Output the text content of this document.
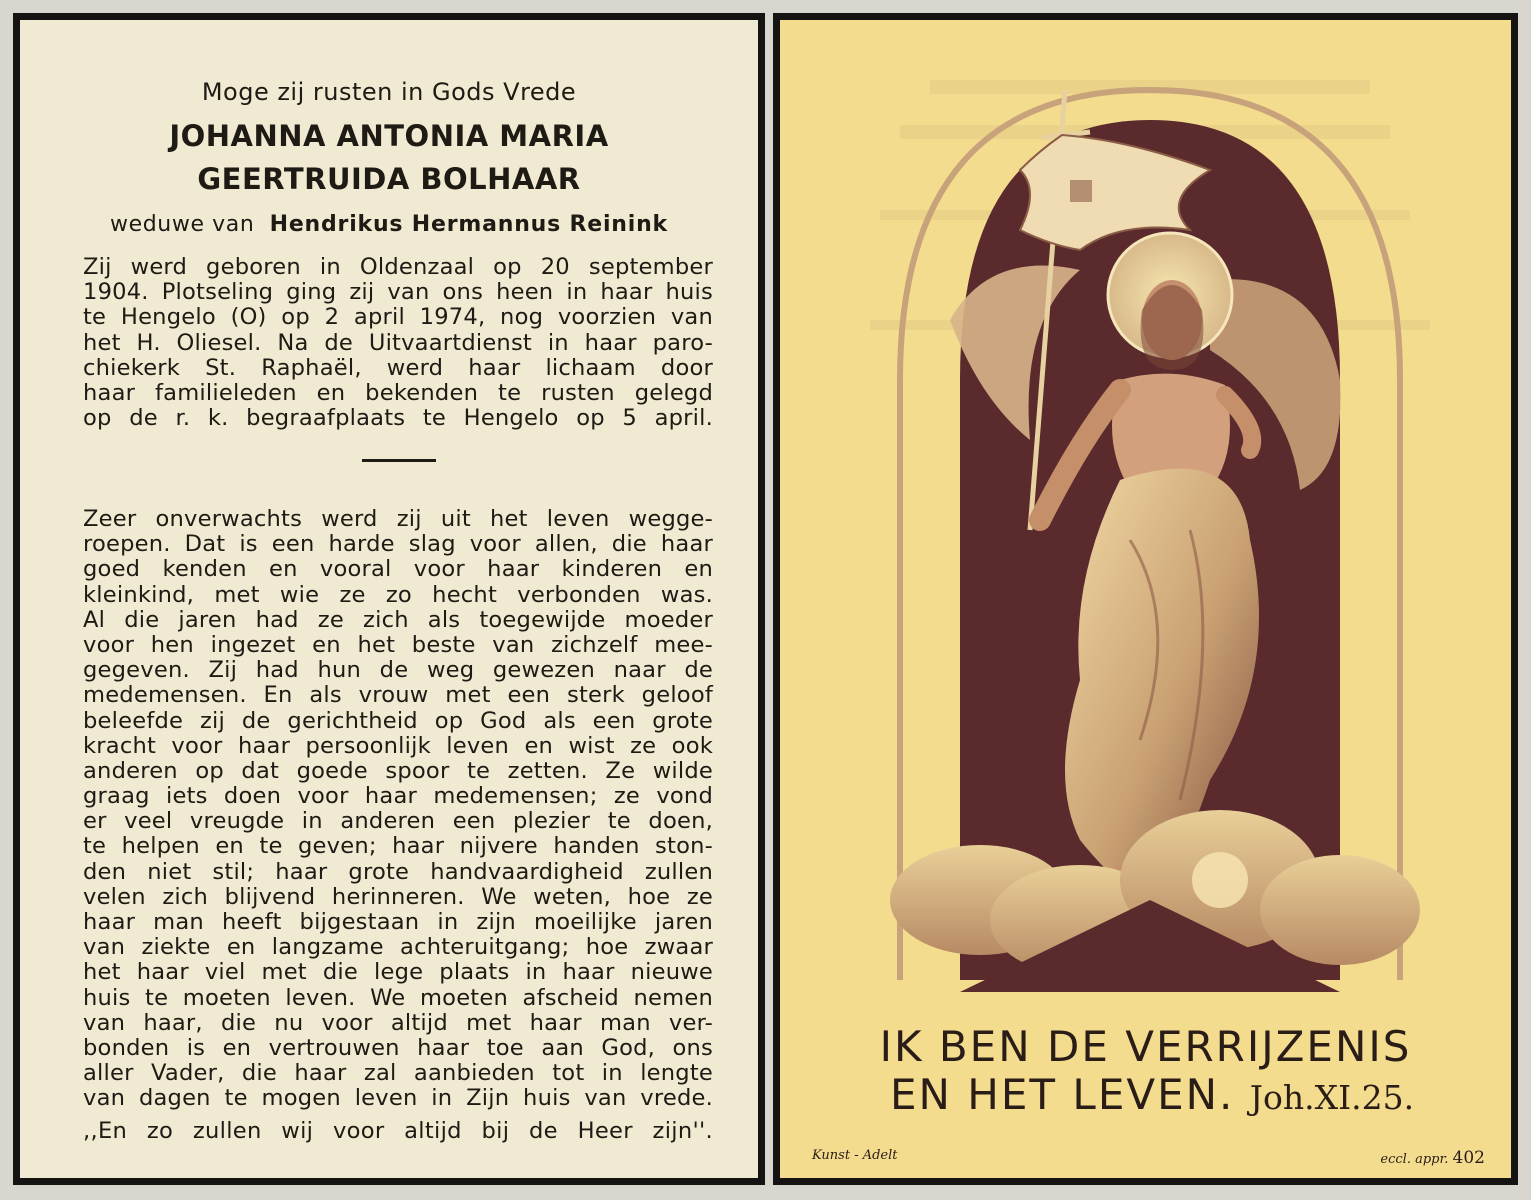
Moge zij rusten in Gods Vrede
JOHANNA ANTONIA MARIA
GEERTRUIDA BOLHAAR
weduwe van Hendrikus Hermannus Reinink
Zij werd geboren in Oldenzaal op 20 september
1904. Plotseling ging zij van ons heen in haar huis
te Hengelo (O) op 2 april 1974, nog voorzien van
het H. Oliesel. Na de Uitvaartdienst in haar paro-
chiekerk St. Raphaël, werd haar lichaam door
haar familieleden en bekenden te rusten gelegd
op de r. k. begraafplaats te Hengelo op 5 april.
Zeer onverwachts werd zij uit het leven wegge-
roepen. Dat is een harde slag voor allen, die haar
goed kenden en vooral voor haar kinderen en
kleinkind, met wie ze zo hecht verbonden was.
Al die jaren had ze zich als toegewijde moeder
voor hen ingezet en het beste van zichzelf mee-
gegeven. Zij had hun de weg gewezen naar de
medemensen. En als vrouw met een sterk geloof
beleefde zij de gerichtheid op God als een grote
kracht voor haar persoonlijk leven en wist ze ook
anderen op dat goede spoor te zetten. Ze wilde
graag iets doen voor haar medemensen; ze vond
er veel vreugde in anderen een plezier te doen,
te helpen en te geven; haar nijvere handen ston-
den niet stil; haar grote handvaardigheid zullen
velen zich blijvend herinneren. We weten, hoe ze
haar man heeft bijgestaan in zijn moeilijke jaren
van ziekte en langzame achteruitgang; hoe zwaar
het haar viel met die lege plaats in haar nieuwe
huis te moeten leven. We moeten afscheid nemen
van haar, die nu voor altijd met haar man ver-
bonden is en vertrouwen haar toe aan God, ons
aller Vader, die haar zal aanbieden tot in lengte
van dagen te mogen leven in Zijn huis van vrede.
,,En zo zullen wij voor altijd bij de Heer zijn''.
IK BEN DE VERRIJZENIS
EN HET LEVEN. Joh.XI.25.
Kunst - Adelt	eccl. appr. 402
